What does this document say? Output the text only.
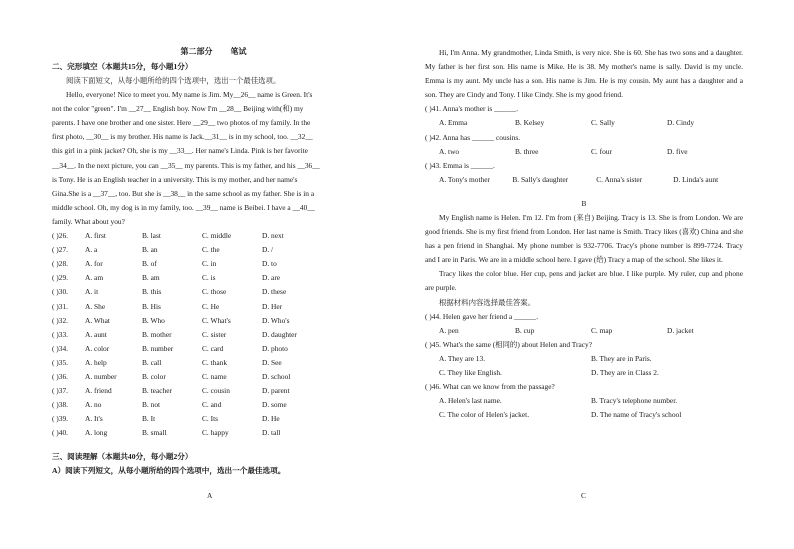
第二部分 笔试
二、完形填空（本题共15分，每小题1分）
阅读下面短文，从每小题所给的四个选项中，选出一个最佳选项。
Hello, everyone! Nice to meet you. My name is Jim. My__26__ name is Green. It's
not the color "green". I'm __27__ English boy. Now I'm __28__ Beijing with(和) my
parents. I have one brother and one sister. Here __29__ two photos of my family. In the
first photo, __30__ is my brother. His name is Jack.__31__ is in my school, too. __32__
this girl in a pink jacket? Oh, she is my __33__. Her name's Linda. Pink is her favorite
__34__. In the next picture, you can __35__ my parents. This is my father, and his __36__
is Tony. He is an English teacher in a university. This is my mother, and her name's
Gina.She is a __37__, too. But she is __38__ in the same school as my father. She is in a
middle school. Oh, my dog is in my family, too. __39__ name is Beibei. I have a __40__
family. What about you?
( )26.	A. first	B. last	C. middle	D. next
( )27.	A. a	B. an	C. the	D. /
( )28.	A. for	B. of	C. in	D. to
( )29.	A. am	B. am	C. is	D. are
( )30.	A. it	B. this	C. those	D. these
( )31.	A. She	B. His	C. He	D. Her
( )32.	A. What	B. Who	C. What's	D. Who's
( )33.	A. aunt	B. mother	C. sister	D. daughter
( )34.	A. color	B. number	C. card	D. photo
( )35.	A. help	B. call	C. thank	D. See
( )36.	A. number	B. color	C. name	D. school
( )37.	A. friend	B. teacher	C. cousin	D. parent
( )38.	A. no	B. not	C. and	D. some
( )39.	A. It's	B. It	C. Its	D. He
( )40.	A. long	B. small	C. happy	D. tall
三、阅读理解（本题共40分，每小题2分）
A）阅读下列短文，从每小题所给的四个选项中，选出一个最佳选项。
A
Hi, I'm Anna. My grandmother, Linda Smith, is very nice. She is 60. She has two sons and a daughter. My father is her first son. His name is Mike. He is 38. My mother's name is sally. David is my uncle. Emma is my aunt. My uncle has a son. His name is Jim. He is my cousin. My aunt has a daughter and a son. They are Cindy and Tony. I like Cindy. She is my good friend.
( )41. Anna's mother is ______.
A. Emma	B. Kelsey	C. Sally	D. Cindy
( )42. Anna has ______ cousins.
A. two	B. three	C. four	D. five
( )43. Emma is ______.
A. Tony's mother	B. Sally's daughter	C. Anna's sister	D. Linda's aunt
B
My English name is Helen. I'm 12. I'm from (来自) Beijing. Tracy is 13. She is from London. We are good friends. She is my first friend from London. Her last name is Smith. Tracy likes (喜欢) China and she has a pen friend in Shanghai. My phone number is 932-7706. Tracy's phone number is 899-7724. Tracy and I are in Paris. We are in a middle school here. I gave (给) Tracy a map of the school. She likes it.
Tracy likes the color blue. Her cup, pens and jacket are blue. I like purple. My ruler, cup and phone are purple.
根据材料内容选择最佳答案。
( )44. Helen gave her friend a ______.
A. pen	B. cup	C. map	D. jacket
( )45. What's the same (相同的) about Helen and Tracy?
A. They are 13.	B. They are in Paris.
C. They like English.	D. They are in Class 2.
( )46. What can we know from the passage?
A. Helen's last name.	B. Tracy's telephone number.
C. The color of Helen's jacket.	D. The name of Tracy's school
C
